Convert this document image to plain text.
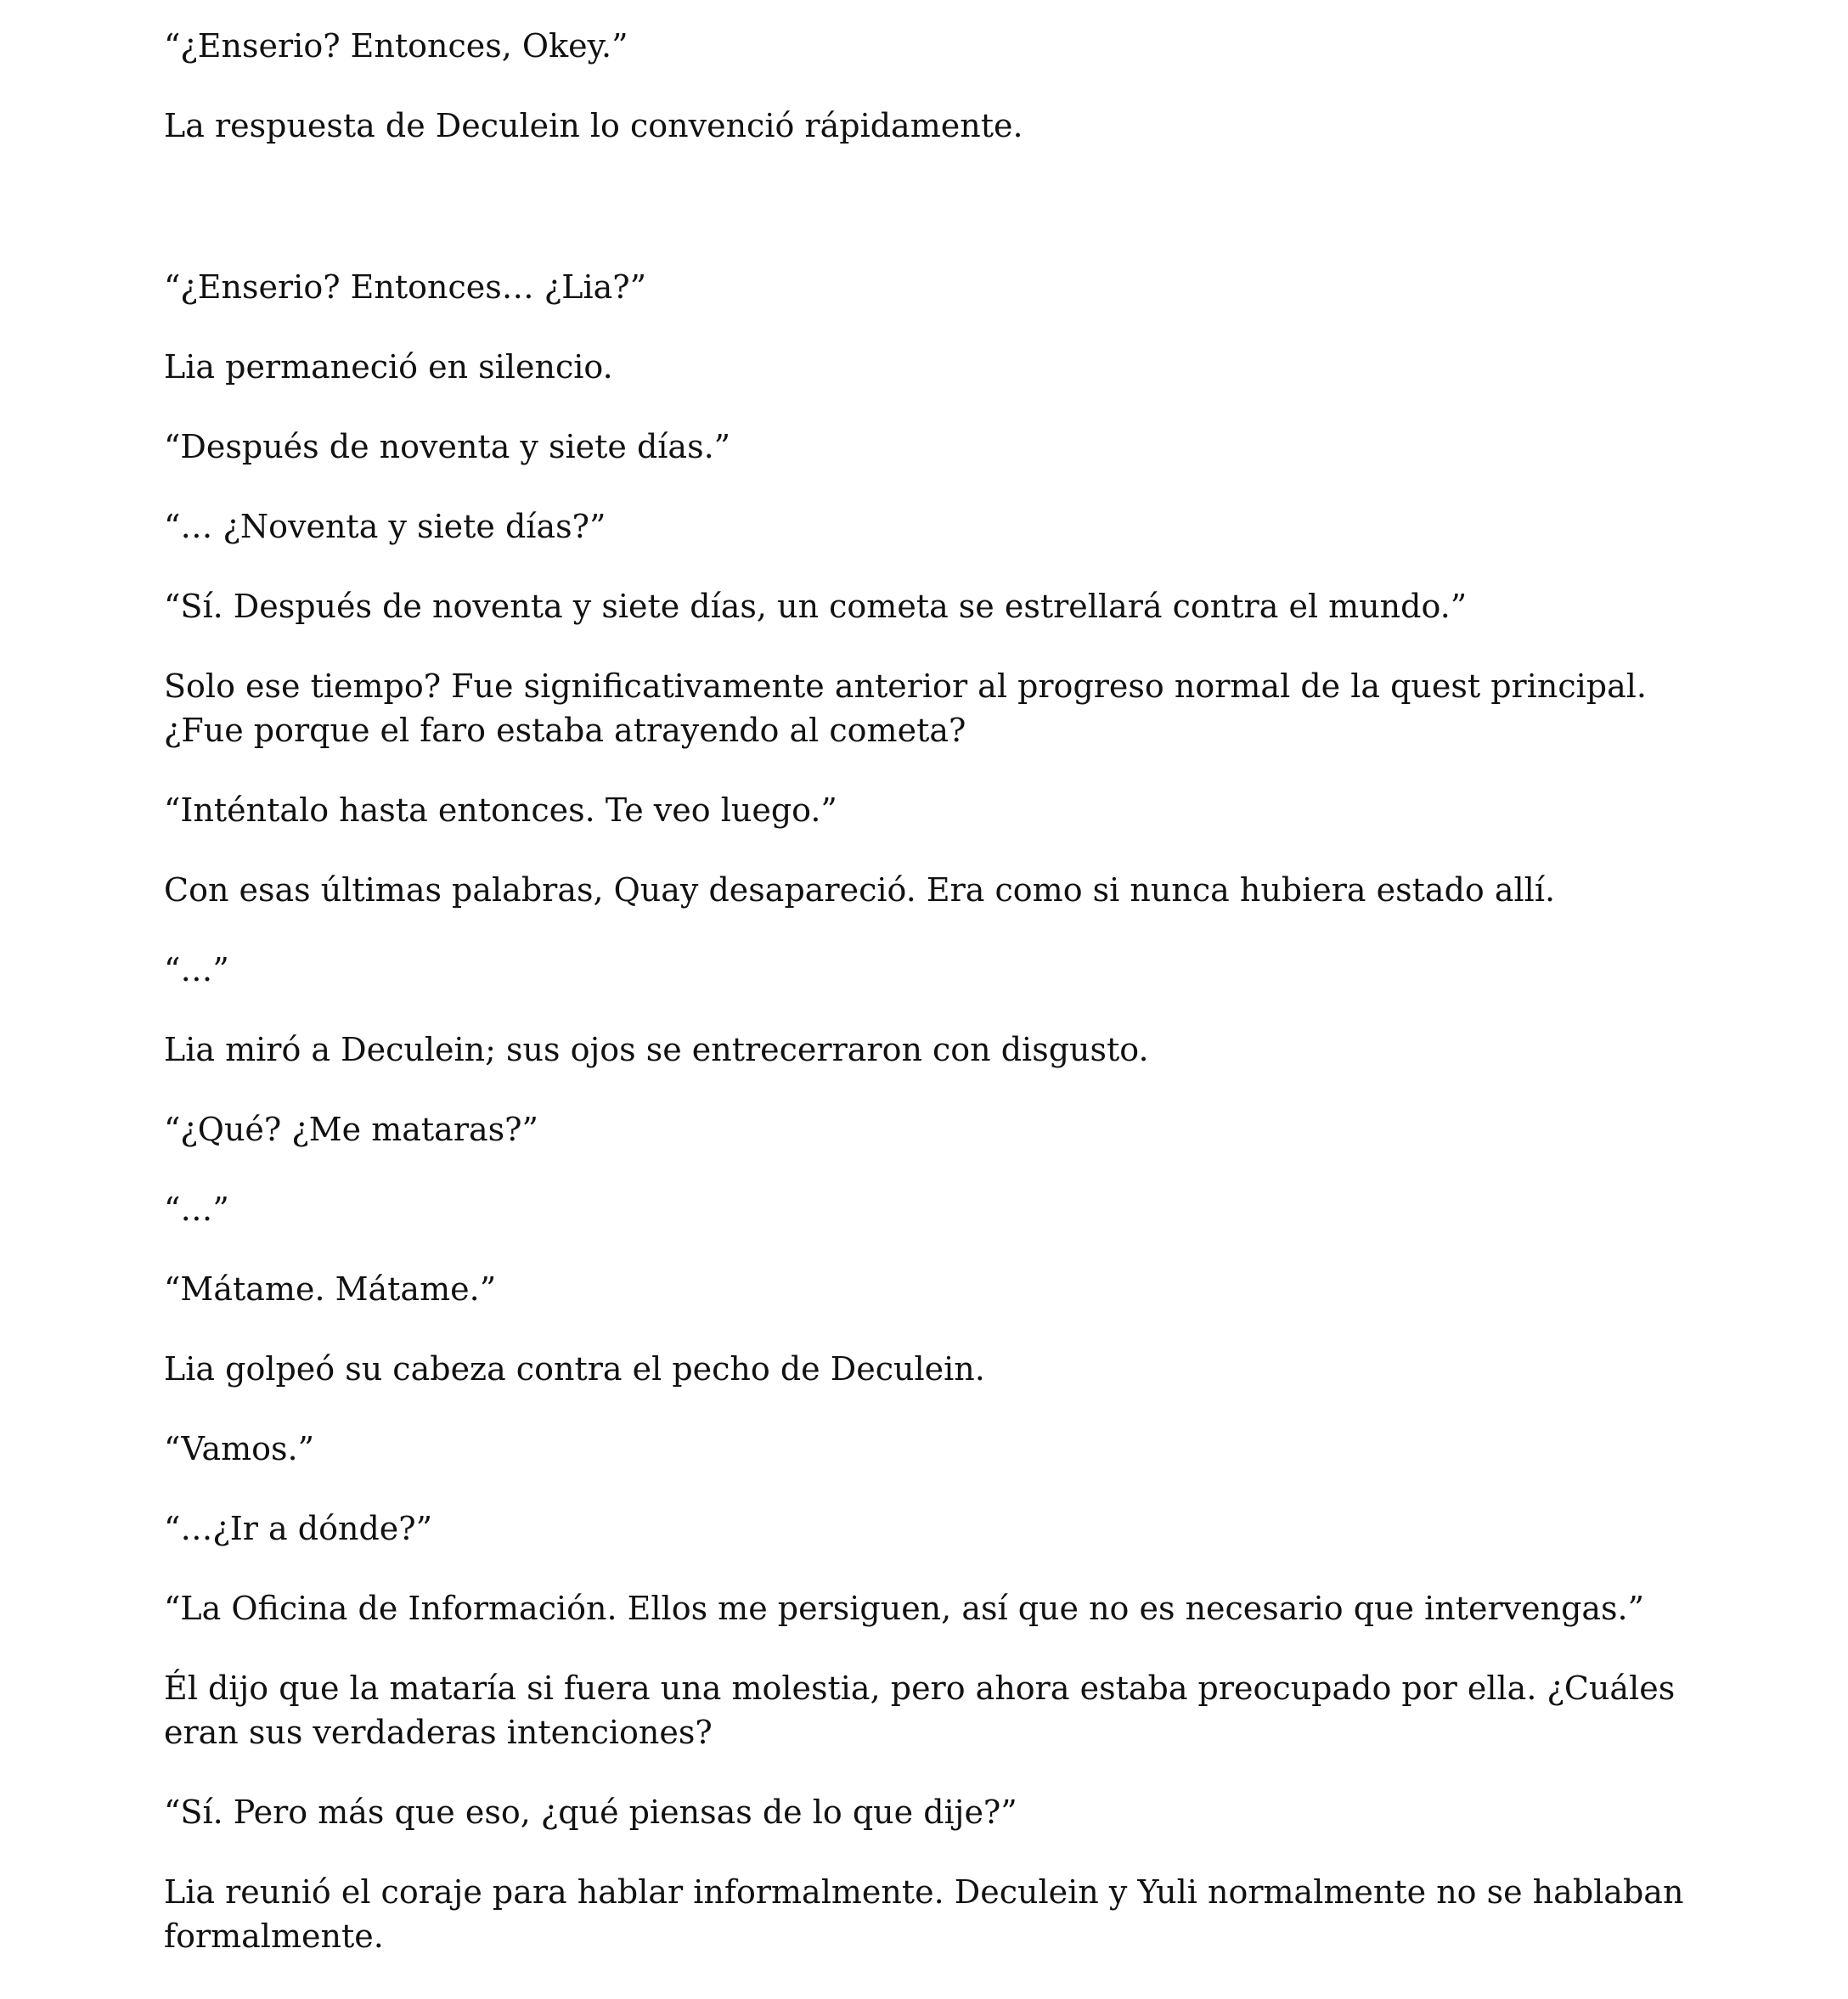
“¿Enserio? Entonces, Okey.”

La respuesta de Deculein lo convenció rápidamente.

“¿Enserio? Entonces… ¿Lia?”

Lia permaneció en silencio.

“Después de noventa y siete días.”

“… ¿Noventa y siete días?”

“Sí. Después de noventa y siete días, un cometa se estrellará contra el mundo.”

Solo ese tiempo? Fue significativamente anterior al progreso normal de la quest principal. ¿Fue porque el faro estaba atrayendo al cometa?

“Inténtalo hasta entonces. Te veo luego.”

Con esas últimas palabras, Quay desapareció. Era como si nunca hubiera estado allí.

“…”

Lia miró a Deculein; sus ojos se entrecerraron con disgusto.

“¿Qué? ¿Me mataras?”

“…”

“Mátame. Mátame.”

Lia golpeó su cabeza contra el pecho de Deculein.

“Vamos.”

“…¿Ir a dónde?”

“La Oficina de Información. Ellos me persiguen, así que no es necesario que intervengas.”

Él dijo que la mataría si fuera una molestia, pero ahora estaba preocupado por ella. ¿Cuáles eran sus verdaderas intenciones?

“Sí. Pero más que eso, ¿qué piensas de lo que dije?”

Lia reunió el coraje para hablar informalmente. Deculein y Yuli normalmente no se hablaban formalmente.
